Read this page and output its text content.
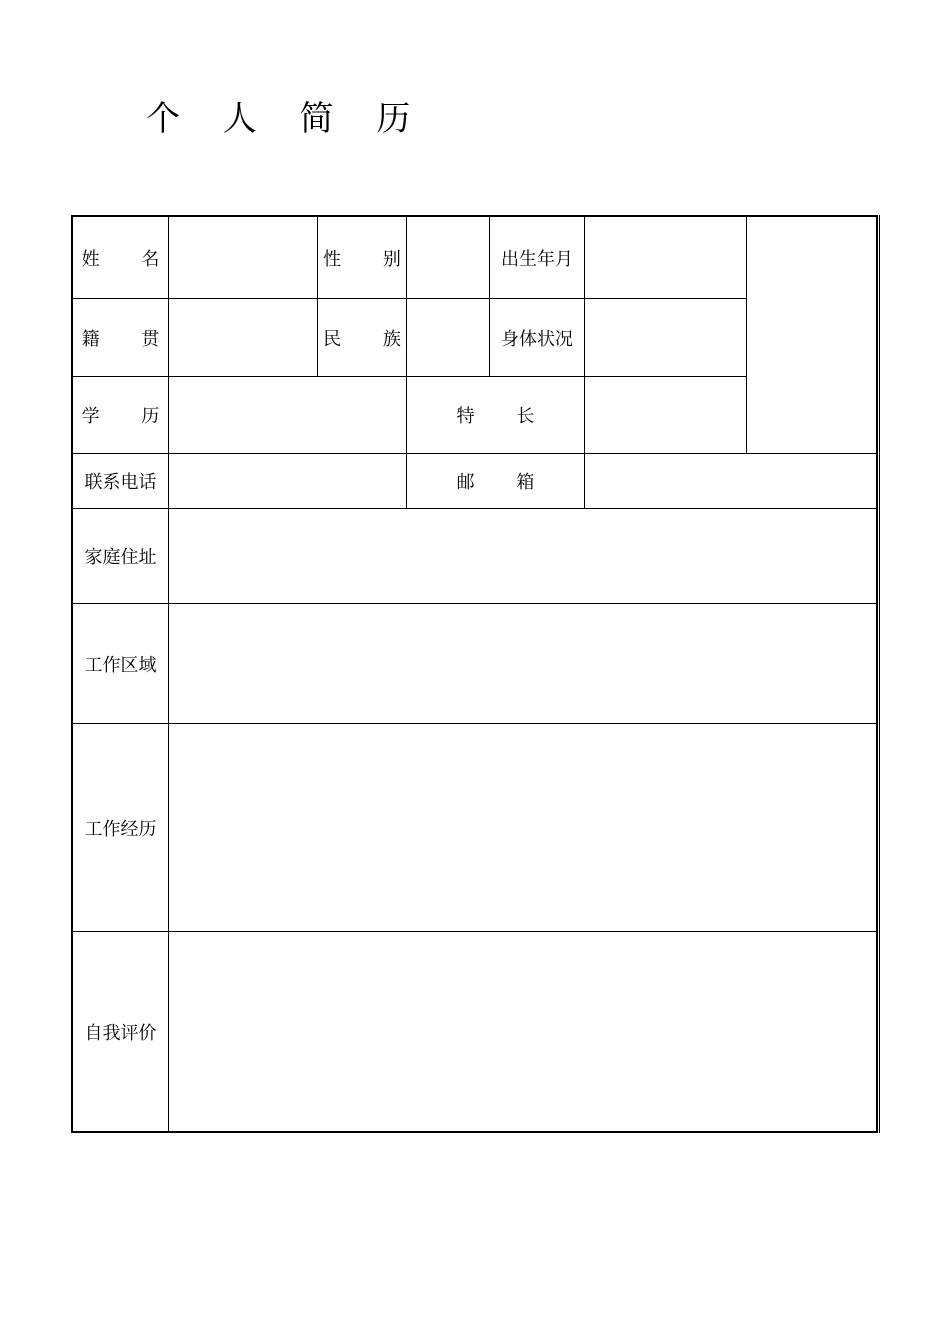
个 人 简 历
姓 名	性 别	出生年月
籍 贯	民 族	身体状况
学 历	特 长
联系电话	邮 箱
家庭住址
工作区域
工作经历
自我评价
